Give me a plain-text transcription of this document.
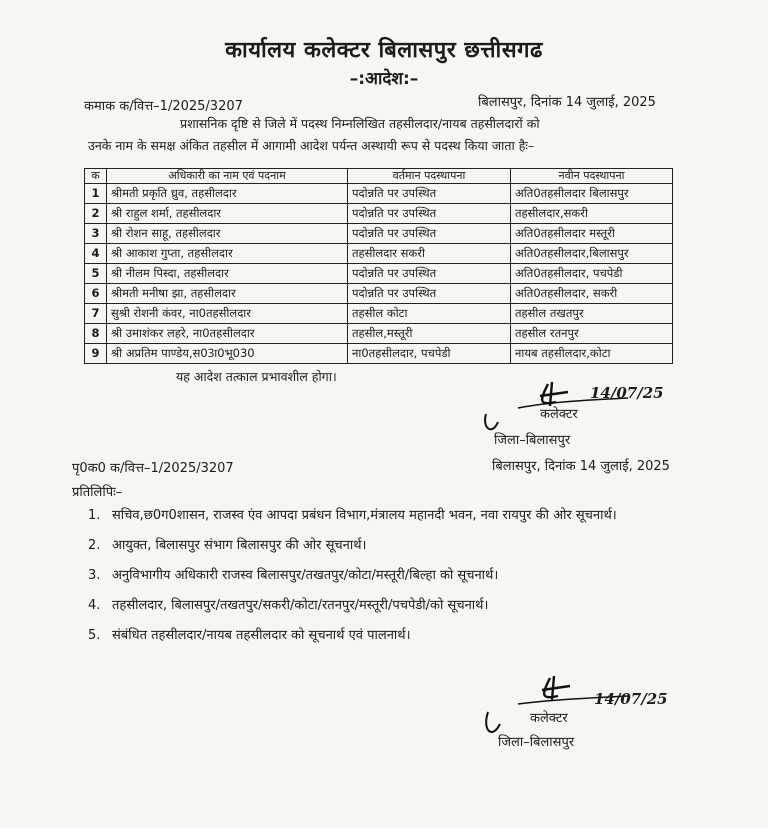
कार्यालय कलेक्टर बिलासपुर छत्तीसगढ
–:आदेश:–
कमाक क/वित्त–1/2025/3207	बिलासपुर, दिनांक 14 जुलाई, 2025
प्रशासनिक दृष्टि से जिले में पदस्थ निम्नलिखित तहसीलदार/नायब तहसीलदारों को
उनके नाम के समक्ष अंकित तहसील में आगामी आदेश पर्यन्त अस्थायी रूप से पदस्थ किया जाता हैः–
क	अधिकारी का नाम एवं पदनाम	वर्तमान पदस्थापना	नवीन पदस्थापना
1	श्रीमती प्रकृति ध्रुव, तहसीलदार	पदोन्नति पर उपस्थित	अति0तहसीलदार बिलासपुर
2	श्री राहुल शर्मा, तहसीलदार	पदोन्नति पर उपस्थित	तहसीलदार,सकरी
3	श्री रोशन साहू, तहसीलदार	पदोन्नति पर उपस्थित	अति0तहसीलदार मस्तूरी
4	श्री आकाश गुप्ता, तहसीलदार	तहसीलदार सकरी	अति0तहसीलदार,बिलासपुर
5	श्री नीलम पिस्दा, तहसीलदार	पदोन्नति पर उपस्थित	अति0तहसीलदार, पचपेडी
6	श्रीमती मनीषा झा, तहसीलदार	पदोन्नति पर उपस्थित	अति0तहसीलदार, सकरी
7	सुश्री रोशनी कंवर, ना0तहसीलदार	तहसील कोटा	तहसील तखतपुर
8	श्री उमाशंकर लहरे, ना0तहसीलदार	तहसील,मस्तूरी	तहसील रतनपुर
9	श्री अप्रतिम पाण्डेय,स03ा0भू030	ना0तहसीलदार, पचपेडी	नायब तहसीलदार,कोटा
यह आदेश तत्काल प्रभावशील होगा।
14/07/25
कलेक्टर
जिला–बिलासपुर
पृ0क0 क/वित्त–1/2025/3207	बिलासपुर, दिनांक 14 जुलाई, 2025
प्रतिलिपिः–
1. सचिव,छ0ग0शासन, राजस्व एंव आपदा प्रबंधन विभाग,मंत्रालय महानदी भवन, नवा रायपुर की ओर सूचनार्थ।
2. आयुक्त, बिलासपुर संभाग बिलासपुर की ओर सूचनार्थ।
3. अनुविभागीय अधिकारी राजस्व बिलासपुर/तखतपुर/कोटा/मस्तूरी/बिल्हा को सूचनार्थ।
4. तहसीलदार, बिलासपुर/तखतपुर/सकरी/कोटा/रतनपुर/मस्तूरी/पचपेडी/को सूचनार्थ।
5. संबंधित तहसीलदार/नायब तहसीलदार को सूचनार्थ एवं पालनार्थ।
14/07/25
कलेक्टर
जिला–बिलासपुर
